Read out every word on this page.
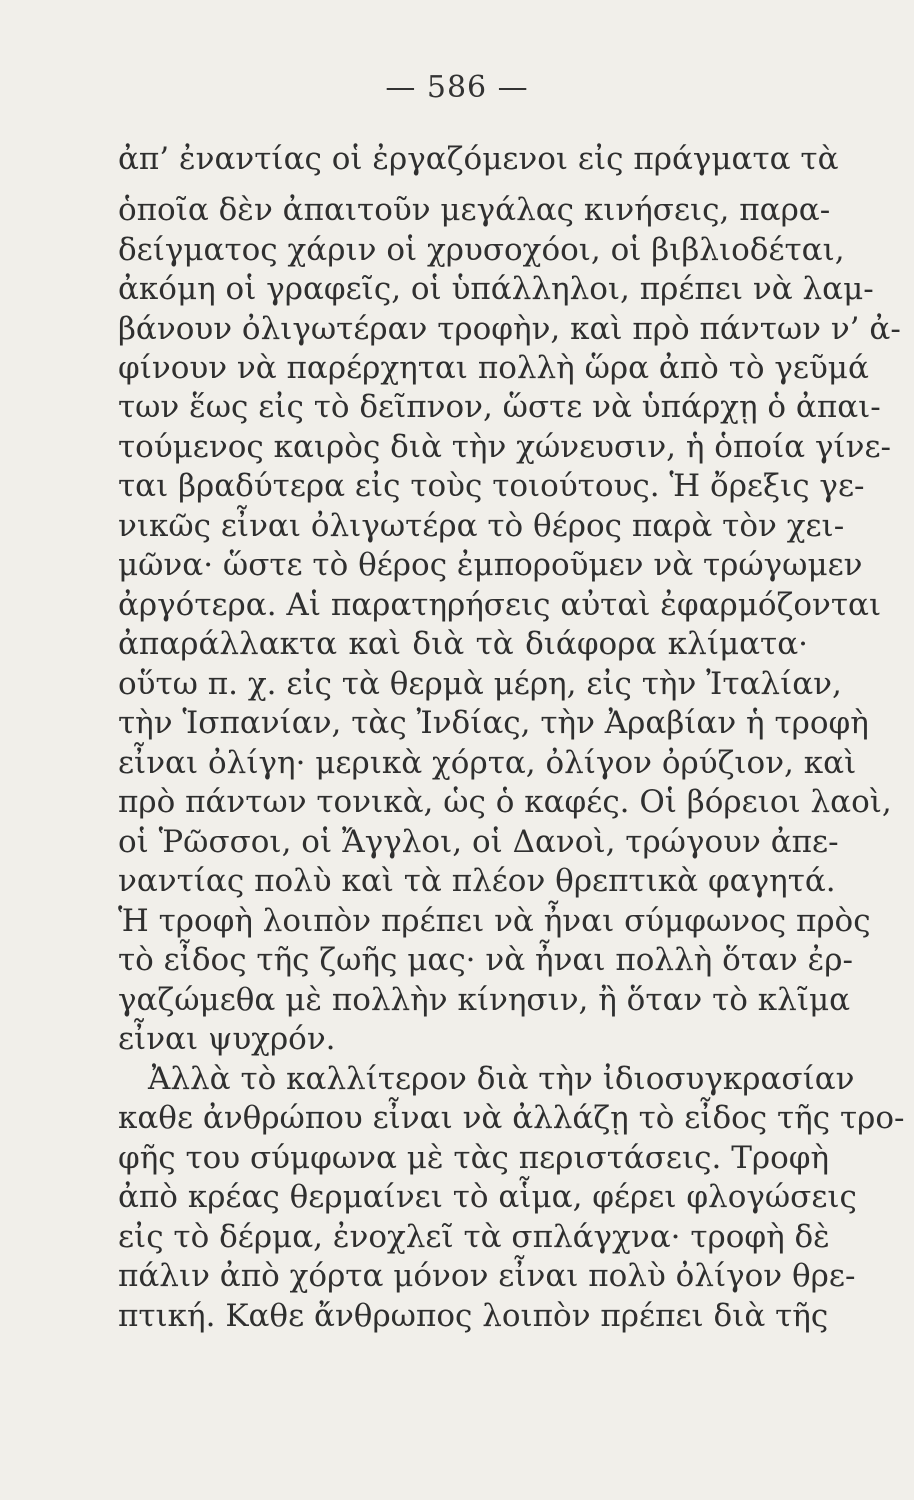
— 586 —
ἀπ’ ἐναντίας οἱ ἐργαζόμενοι εἰς πράγματα τὰ
ὁποῖα δὲν ἀπαιτοῦν μεγάλας κινήσεις, παρα-
δείγματος χάριν οἱ χρυσοχόοι, οἱ βιβλιοδέται,
ἀκόμη οἱ γραφεῖς, οἱ ὑπάλληλοι, πρέπει νὰ λαμ-
βάνουν ὀλιγωτέραν τροφὴν, καὶ πρὸ πάντων ν’ ἀ-
φίνουν νὰ παρέρχηται πολλὴ ὥρα ἀπὸ τὸ γεῦμά
των ἕως εἰς τὸ δεῖπνον, ὥστε νὰ ὑπάρχῃ ὁ ἀπαι-
τούμενος καιρὸς διὰ τὴν χώνευσιν, ἡ ὁποία γίνε-
ται βραδύτερα εἰς τοὺς τοιούτους. Ἡ ὄρεξις γε-
νικῶς εἶναι ὀλιγωτέρα τὸ θέρος παρὰ τὸν χει-
μῶνα· ὥστε τὸ θέρος ἐμποροῦμεν νὰ τρώγωμεν
ἀργότερα. Αἱ παρατηρήσεις αὐταὶ ἐφαρμόζονται
ἀπαράλλακτα καὶ διὰ τὰ διάφορα κλίματα·
οὕτω π. χ. εἰς τὰ θερμὰ μέρη, εἰς τὴν Ἰταλίαν,
τὴν Ἱσπανίαν, τὰς Ἰνδίας, τὴν Ἀραβίαν ἡ τροφὴ
εἶναι ὀλίγη· μερικὰ χόρτα, ὀλίγον ὀρύζιον, καὶ
πρὸ πάντων τονικὰ, ὡς ὁ καφές. Οἱ βόρειοι λαοὶ,
οἱ Ῥῶσσοι, οἱ Ἄγγλοι, οἱ Δανοὶ, τρώγουν ἀπε-
ναντίας πολὺ καὶ τὰ πλέον θρεπτικὰ φαγητά.
Ἡ τροφὴ λοιπὸν πρέπει νὰ ἦναι σύμφωνος πρὸς
τὸ εἶδος τῆς ζωῆς μας· νὰ ἦναι πολλὴ ὅταν ἐρ-
γαζώμεθα μὲ πολλὴν κίνησιν, ἢ ὅταν τὸ κλῖμα
εἶναι ψυχρόν.
Ἀλλὰ τὸ καλλίτερον διὰ τὴν ἰδιοσυγκρασίαν
καθε ἀνθρώπου εἶναι νὰ ἀλλάζῃ τὸ εἶδος τῆς τρο-
φῆς του σύμφωνα μὲ τὰς περιστάσεις. Τροφὴ
ἀπὸ κρέας θερμαίνει τὸ αἷμα, φέρει φλογώσεις
εἰς τὸ δέρμα, ἐνοχλεῖ τὰ σπλάγχνα· τροφὴ δὲ
πάλιν ἀπὸ χόρτα μόνον εἶναι πολὺ ὀλίγον θρε-
πτική. Καθε ἄνθρωπος λοιπὸν πρέπει διὰ τῆς
